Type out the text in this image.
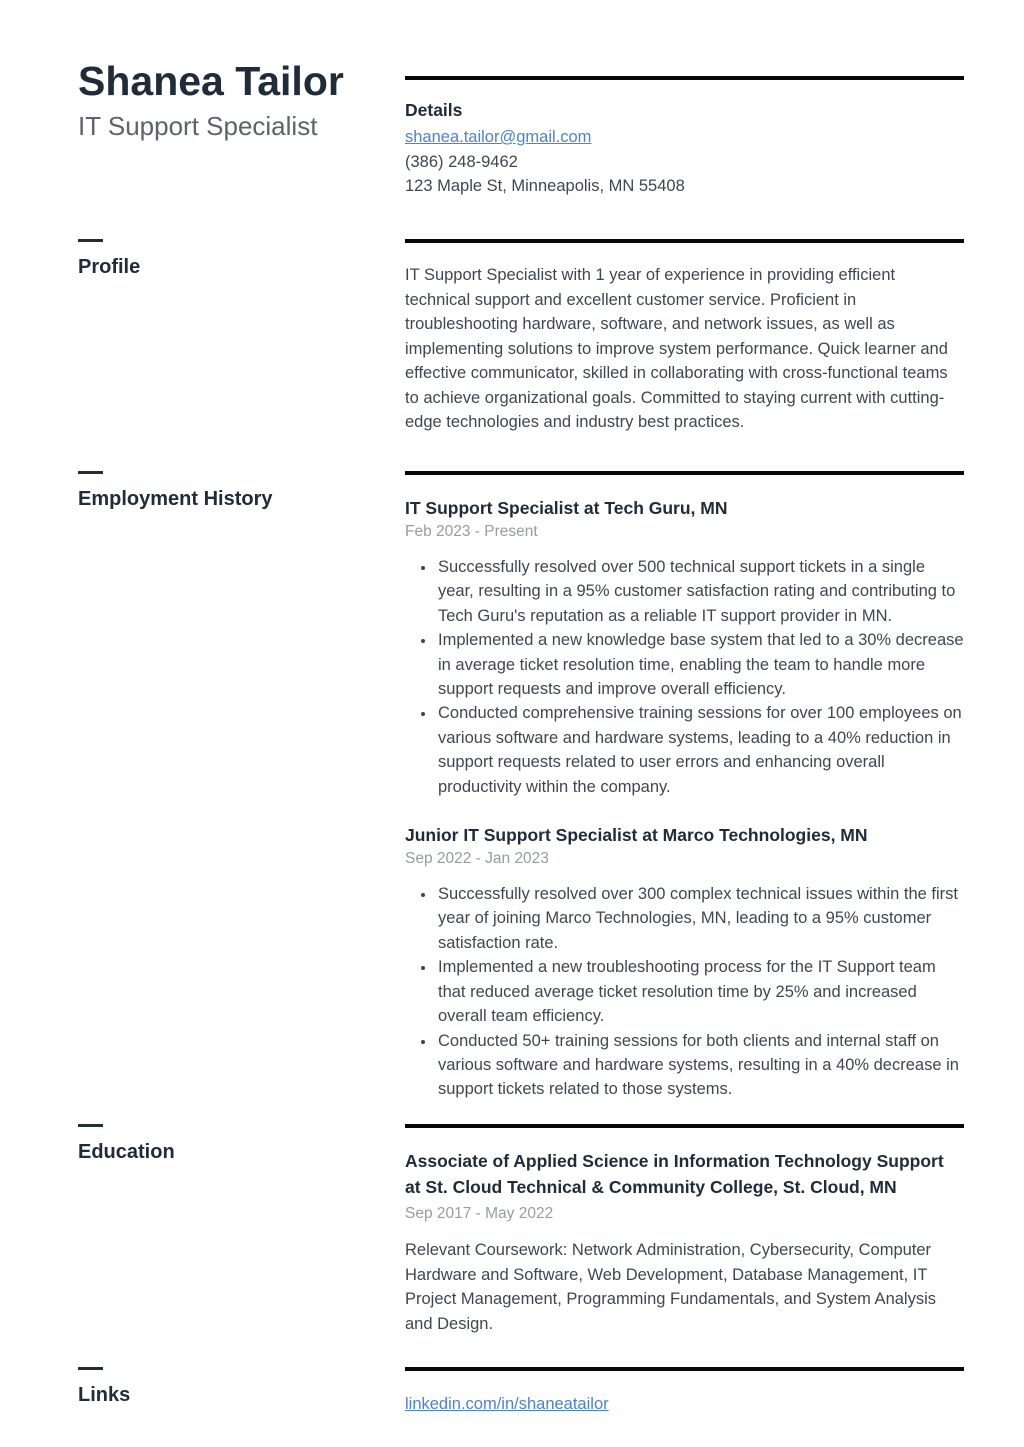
Shanea Tailor
IT Support Specialist
Details

shanea.tailor@gmail.com

(386) 248-9462

123 Maple St, Minneapolis, MN 55408

Profile	IT Support Specialist with 1 year of experience in providing efficient technical support and excellent customer service. Proficient in troubleshooting hardware, software, and network issues, as well as implementing solutions to improve system performance. Quick learner and effective communicator, skilled in collaborating with cross-functional teams to achieve organizational goals. Committed to staying current with cutting-edge technologies and industry best practices.

Employment History	IT Support Specialist at Tech Guru, MN

Feb 2023 - Present

• Successfully resolved over 500 technical support tickets in a single year, resulting in a 95% customer satisfaction rating and contributing to Tech Guru's reputation as a reliable IT support provider in MN.
• Implemented a new knowledge base system that led to a 30% decrease in average ticket resolution time, enabling the team to handle more support requests and improve overall efficiency.
• Conducted comprehensive training sessions for over 100 employees on various software and hardware systems, leading to a 40% reduction in support requests related to user errors and enhancing overall productivity within the company.
Junior IT Support Specialist at Marco Technologies, MN

Sep 2022 - Jan 2023

• Successfully resolved over 300 complex technical issues within the first year of joining Marco Technologies, MN, leading to a 95% customer satisfaction rate.
• Implemented a new troubleshooting process for the IT Support team that reduced average ticket resolution time by 25% and increased overall team efficiency.
• Conducted 50+ training sessions for both clients and internal staff on various software and hardware systems, resulting in a 40% decrease in support tickets related to those systems.
Education	Associate of Applied Science in Information Technology Support at St. Cloud Technical & Community College, St. Cloud, MN

Sep 2017 - May 2022

Relevant Coursework: Network Administration, Cybersecurity, Computer Hardware and Software, Web Development, Database Management, IT Project Management, Programming Fundamentals, and System Analysis and Design.

Links	linkedin.com/in/shaneatailor
